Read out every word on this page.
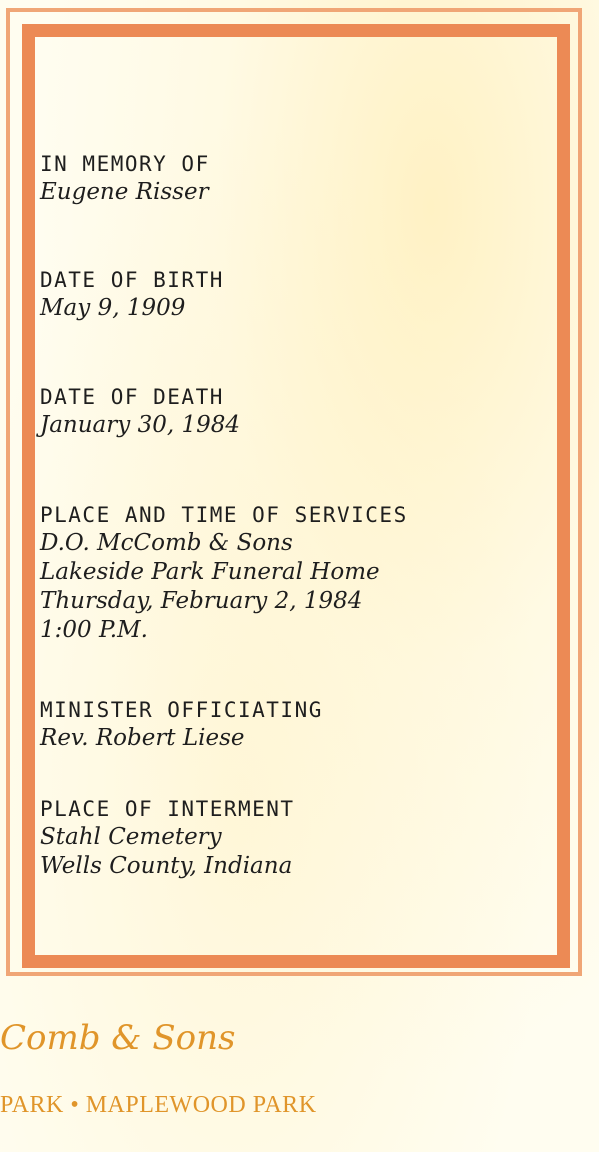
IN MEMORY OF
Eugene Risser
DATE OF BIRTH
May 9, 1909
DATE OF DEATH
January 30, 1984
PLACE AND TIME OF SERVICES
D.O. McComb & Sons
Lakeside Park Funeral Home
Thursday, February 2, 1984
1:00 P.M.
MINISTER OFFICIATING
Rev. Robert Liese
PLACE OF INTERMENT
Stahl Cemetery
Wells County, Indiana
Comb & Sons
PARK • MAPLEWOOD PARK
